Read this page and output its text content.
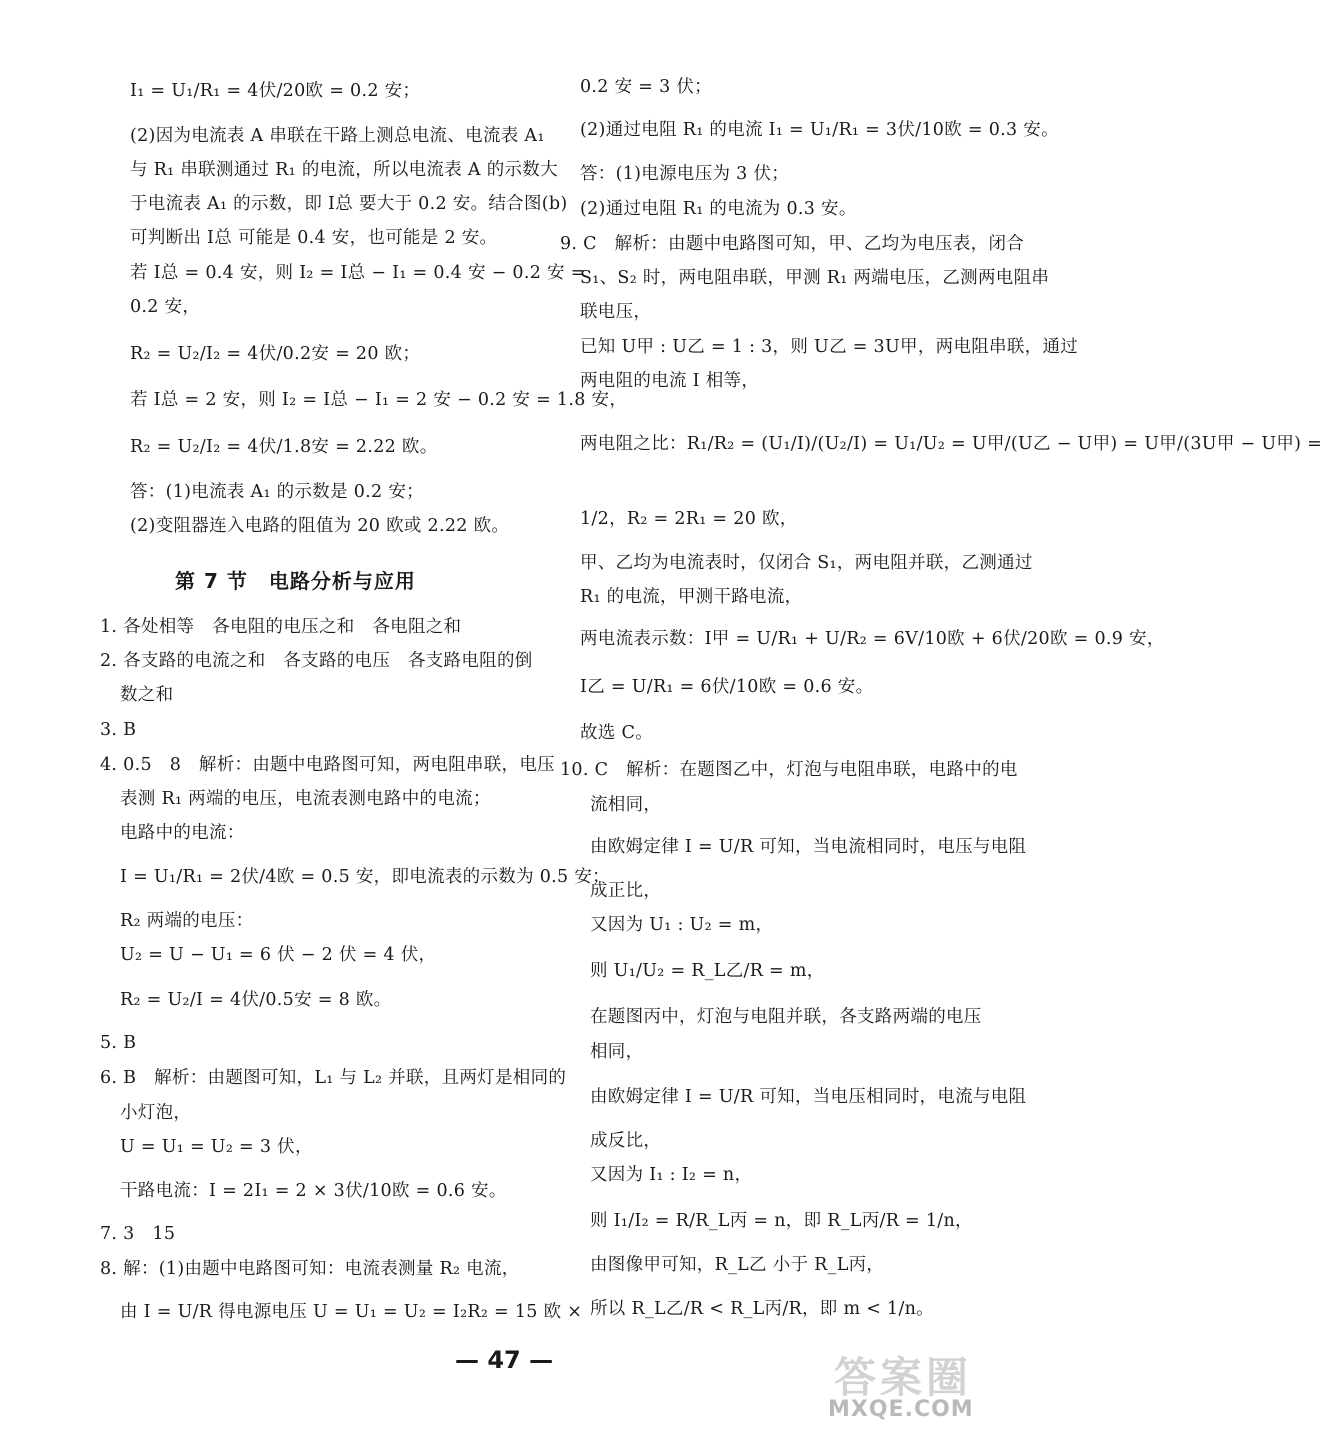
I₁ = U₁/R₁ = 4伏/20欧 = 0.2 安；
(2)因为电流表 A 串联在干路上测总电流、电流表 A₁
与 R₁ 串联测通过 R₁ 的电流，所以电流表 A 的示数大
于电流表 A₁ 的示数，即 I总 要大于 0.2 安。结合图(b)
可判断出 I总 可能是 0.4 安，也可能是 2 安。
若 I总 = 0.4 安，则 I₂ = I总 − I₁ = 0.4 安 − 0.2 安 =
0.2 安，
R₂ = U₂/I₂ = 4伏/0.2安 = 20 欧；
若 I总 = 2 安，则 I₂ = I总 − I₁ = 2 安 − 0.2 安 = 1.8 安，
R₂ = U₂/I₂ = 4伏/1.8安 = 2.22 欧。
答：(1)电流表 A₁ 的示数是 0.2 安；
(2)变阻器连入电路的阻值为 20 欧或 2.22 欧。
第 7 节　电路分析与应用
1. 各处相等　各电阻的电压之和　各电阻之和
2. 各支路的电流之和　各支路的电压　各支路电阻的倒
数之和
3. B
4. 0.5　8　解析：由题中电路图可知，两电阻串联，电压
表测 R₁ 两端的电压，电流表测电路中的电流；
电路中的电流：
I = U₁/R₁ = 2伏/4欧 = 0.5 安，即电流表的示数为 0.5 安；
R₂ 两端的电压：
U₂ = U − U₁ = 6 伏 − 2 伏 = 4 伏，
R₂ = U₂/I = 4伏/0.5安 = 8 欧。
5. B
6. B　解析：由题图可知，L₁ 与 L₂ 并联，且两灯是相同的
小灯泡，
U = U₁ = U₂ = 3 伏，
干路电流：I = 2I₁ = 2 × 3伏/10欧 = 0.6 安。
7. 3　15
8. 解：(1)由题中电路图可知：电流表测量 R₂ 电流，
由 I = U/R 得电源电压 U = U₁ = U₂ = I₂R₂ = 15 欧 ×
0.2 安 = 3 伏；
(2)通过电阻 R₁ 的电流 I₁ = U₁/R₁ = 3伏/10欧 = 0.3 安。
答：(1)电源电压为 3 伏；
(2)通过电阻 R₁ 的电流为 0.3 安。
9. C　解析：由题中电路图可知，甲、乙均为电压表，闭合
S₁、S₂ 时，两电阻串联，甲测 R₁ 两端电压，乙测两电阻串
联电压，
已知 U甲 : U乙 = 1 : 3，则 U乙 = 3U甲，两电阻串联，通过
两电阻的电流 I 相等，
两电阻之比：R₁/R₂ = (U₁/I)/(U₂/I) = U₁/U₂ = U甲/(U乙 − U甲) = U甲/(3U甲 − U甲) =
1/2，R₂ = 2R₁ = 20 欧，
甲、乙均为电流表时，仅闭合 S₁，两电阻并联，乙测通过
R₁ 的电流，甲测干路电流，
两电流表示数：I甲 = U/R₁ + U/R₂ = 6V/10欧 + 6伏/20欧 = 0.9 安，
I乙 = U/R₁ = 6伏/10欧 = 0.6 安。
故选 C。
10. C　解析：在题图乙中，灯泡与电阻串联，电路中的电
流相同，
由欧姆定律 I = U/R 可知，当电流相同时，电压与电阻
成正比，
又因为 U₁ : U₂ = m，
则 U₁/U₂ = R_L乙/R = m，
在题图丙中，灯泡与电阻并联，各支路两端的电压
相同，
由欧姆定律 I = U/R 可知，当电压相同时，电流与电阻
成反比，
又因为 I₁ : I₂ = n，
则 I₁/I₂ = R/R_L丙 = n，即 R_L丙/R = 1/n，
由图像甲可知，R_L乙 小于 R_L丙，
所以 R_L乙/R < R_L丙/R，即 m < 1/n。
— 47 —	答案圈
MXQE.COM
